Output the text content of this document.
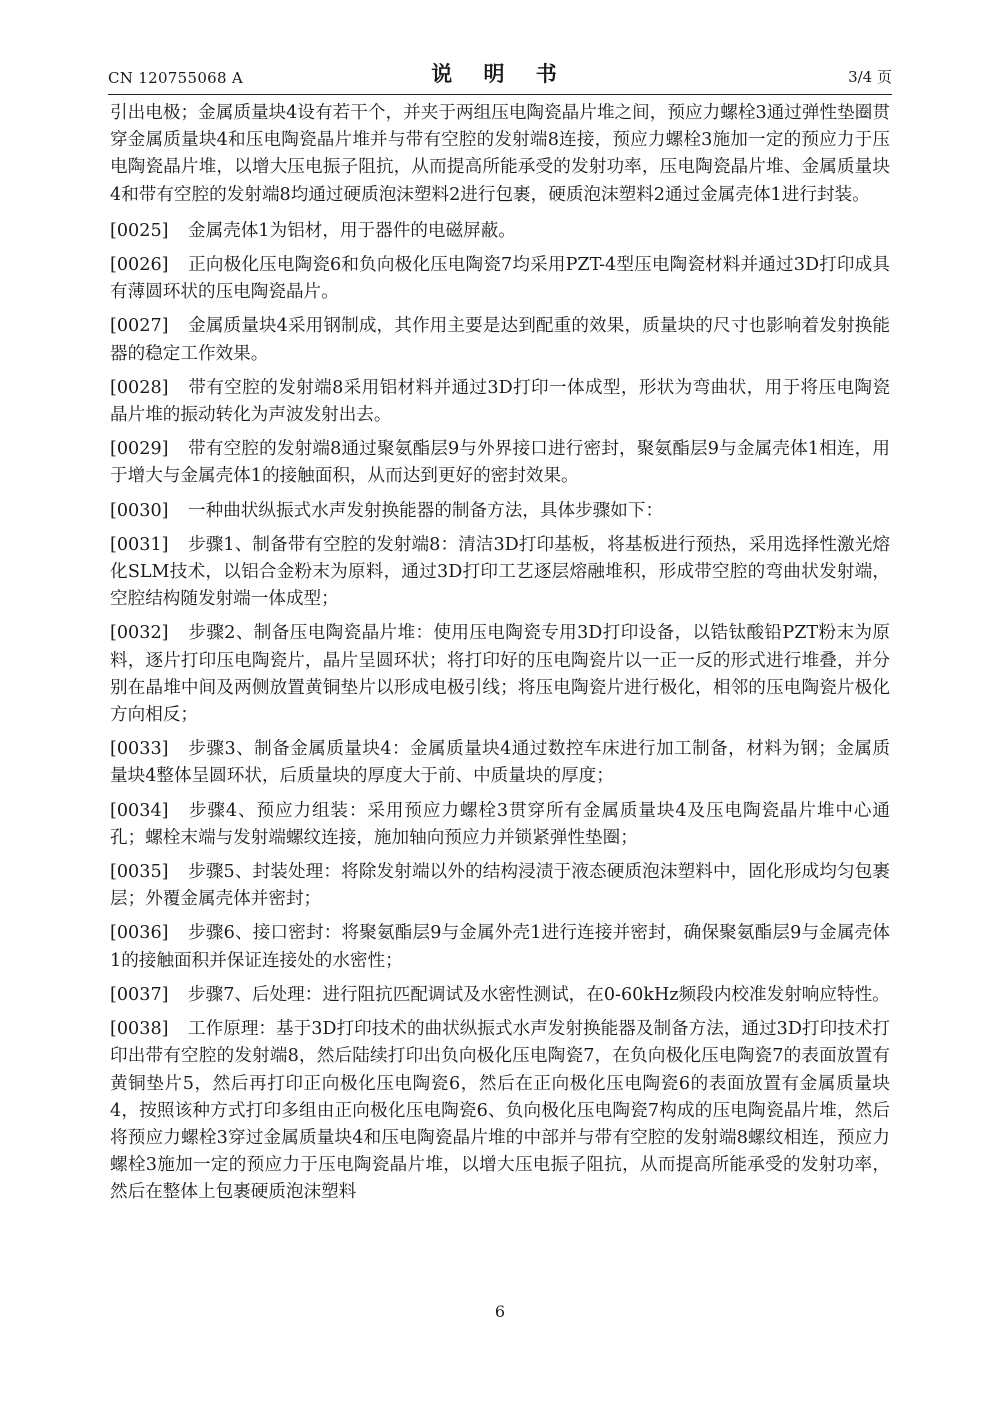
CN 120755068 A	说 明 书	3/4 页

引出电极；金属质量块4设有若干个，并夹于两组压电陶瓷晶片堆之间，预应力螺栓3通过弹性垫圈贯穿金属质量块4和压电陶瓷晶片堆并与带有空腔的发射端8连接，预应力螺栓3施加一定的预应力于压电陶瓷晶片堆，以增大压电振子阻抗，从而提高所能承受的发射功率，压电陶瓷晶片堆、金属质量块4和带有空腔的发射端8均通过硬质泡沫塑料2进行包裹，硬质泡沫塑料2通过金属壳体1进行封装。

[0025] 金属壳体1为铝材，用于器件的电磁屏蔽。

[0026] 正向极化压电陶瓷6和负向极化压电陶瓷7均采用PZT-4型压电陶瓷材料并通过3D打印成具有薄圆环状的压电陶瓷晶片。

[0027] 金属质量块4采用钢制成，其作用主要是达到配重的效果，质量块的尺寸也影响着发射换能器的稳定工作效果。

[0028] 带有空腔的发射端8采用铝材料并通过3D打印一体成型，形状为弯曲状，用于将压电陶瓷晶片堆的振动转化为声波发射出去。

[0029] 带有空腔的发射端8通过聚氨酯层9与外界接口进行密封，聚氨酯层9与金属壳体1相连，用于增大与金属壳体1的接触面积，从而达到更好的密封效果。

[0030] 一种曲状纵振式水声发射换能器的制备方法，具体步骤如下：

[0031] 步骤1、制备带有空腔的发射端8：清洁3D打印基板，将基板进行预热，采用选择性激光熔化SLM技术，以铝合金粉末为原料，通过3D打印工艺逐层熔融堆积，形成带空腔的弯曲状发射端，空腔结构随发射端一体成型；

[0032] 步骤2、制备压电陶瓷晶片堆：使用压电陶瓷专用3D打印设备，以锆钛酸铅PZT粉末为原料，逐片打印压电陶瓷片，晶片呈圆环状；将打印好的压电陶瓷片以一正一反的形式进行堆叠，并分别在晶堆中间及两侧放置黄铜垫片以形成电极引线；将压电陶瓷片进行极化，相邻的压电陶瓷片极化方向相反；

[0033] 步骤3、制备金属质量块4：金属质量块4通过数控车床进行加工制备，材料为钢；金属质量块4整体呈圆环状，后质量块的厚度大于前、中质量块的厚度；

[0034] 步骤4、预应力组装：采用预应力螺栓3贯穿所有金属质量块4及压电陶瓷晶片堆中心通孔；螺栓末端与发射端螺纹连接，施加轴向预应力并锁紧弹性垫圈；

[0035] 步骤5、封装处理：将除发射端以外的结构浸渍于液态硬质泡沫塑料中，固化形成均匀包裹层；外覆金属壳体并密封；

[0036] 步骤6、接口密封：将聚氨酯层9与金属外壳1进行连接并密封，确保聚氨酯层9与金属壳体1的接触面积并保证连接处的水密性；

[0037] 步骤7、后处理：进行阻抗匹配调试及水密性测试，在0-60kHz频段内校准发射响应特性。

[0038] 工作原理：基于3D打印技术的曲状纵振式水声发射换能器及制备方法，通过3D打印技术打印出带有空腔的发射端8，然后陆续打印出负向极化压电陶瓷7，在负向极化压电陶瓷7的表面放置有黄铜垫片5，然后再打印正向极化压电陶瓷6，然后在正向极化压电陶瓷6的表面放置有金属质量块4，按照该种方式打印多组由正向极化压电陶瓷6、负向极化压电陶瓷7构成的压电陶瓷晶片堆，然后将预应力螺栓3穿过金属质量块4和压电陶瓷晶片堆的中部并与带有空腔的发射端8螺纹相连，预应力螺栓3施加一定的预应力于压电陶瓷晶片堆，以增大压电振子阻抗，从而提高所能承受的发射功率，然后在整体上包裹硬质泡沫塑料

6
